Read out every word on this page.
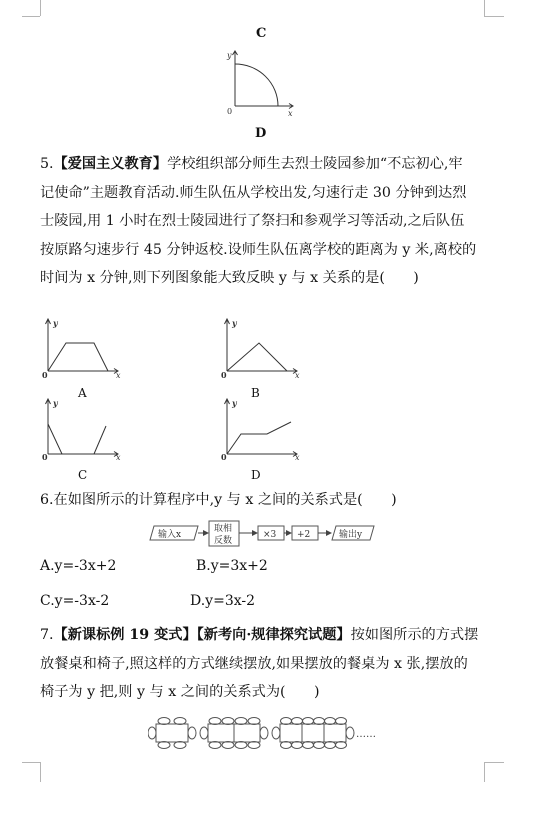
C
y
x
0
D
5.【爱国主义教育】学校组织部分师生去烈士陵园参加“不忘初心,牢
记使命”主题教育活动.师生队伍从学校出发,匀速行走 30 分钟到达烈
士陵园,用 1 小时在烈士陵园进行了祭扫和参观学习等活动,之后队伍
按原路匀速步行 45 分钟返校.设师生队伍离学校的距离为 y 米,离校的
时间为 x 分钟,则下列图象能大致反映 y 与 x 关系的是(　　)
y
x
0
A
y
x
0
B
y
x
0
C
y
x
0
D
6.在如图所示的计算程序中,y 与 x 之间的关系式是(　　)
输入x
取相
反数
×3 +2	输出y
A.y=-3x+2	B.y=3x+2
C.y=-3x-2	D.y=3x-2
7.【新课标例 19 变式】【新考向·规律探究试题】按如图所示的方式摆
放餐桌和椅子,照这样的方式继续摆放,如果摆放的餐桌为 x 张,摆放的
椅子为 y 把,则 y 与 x 之间的关系式为(　　)
……
